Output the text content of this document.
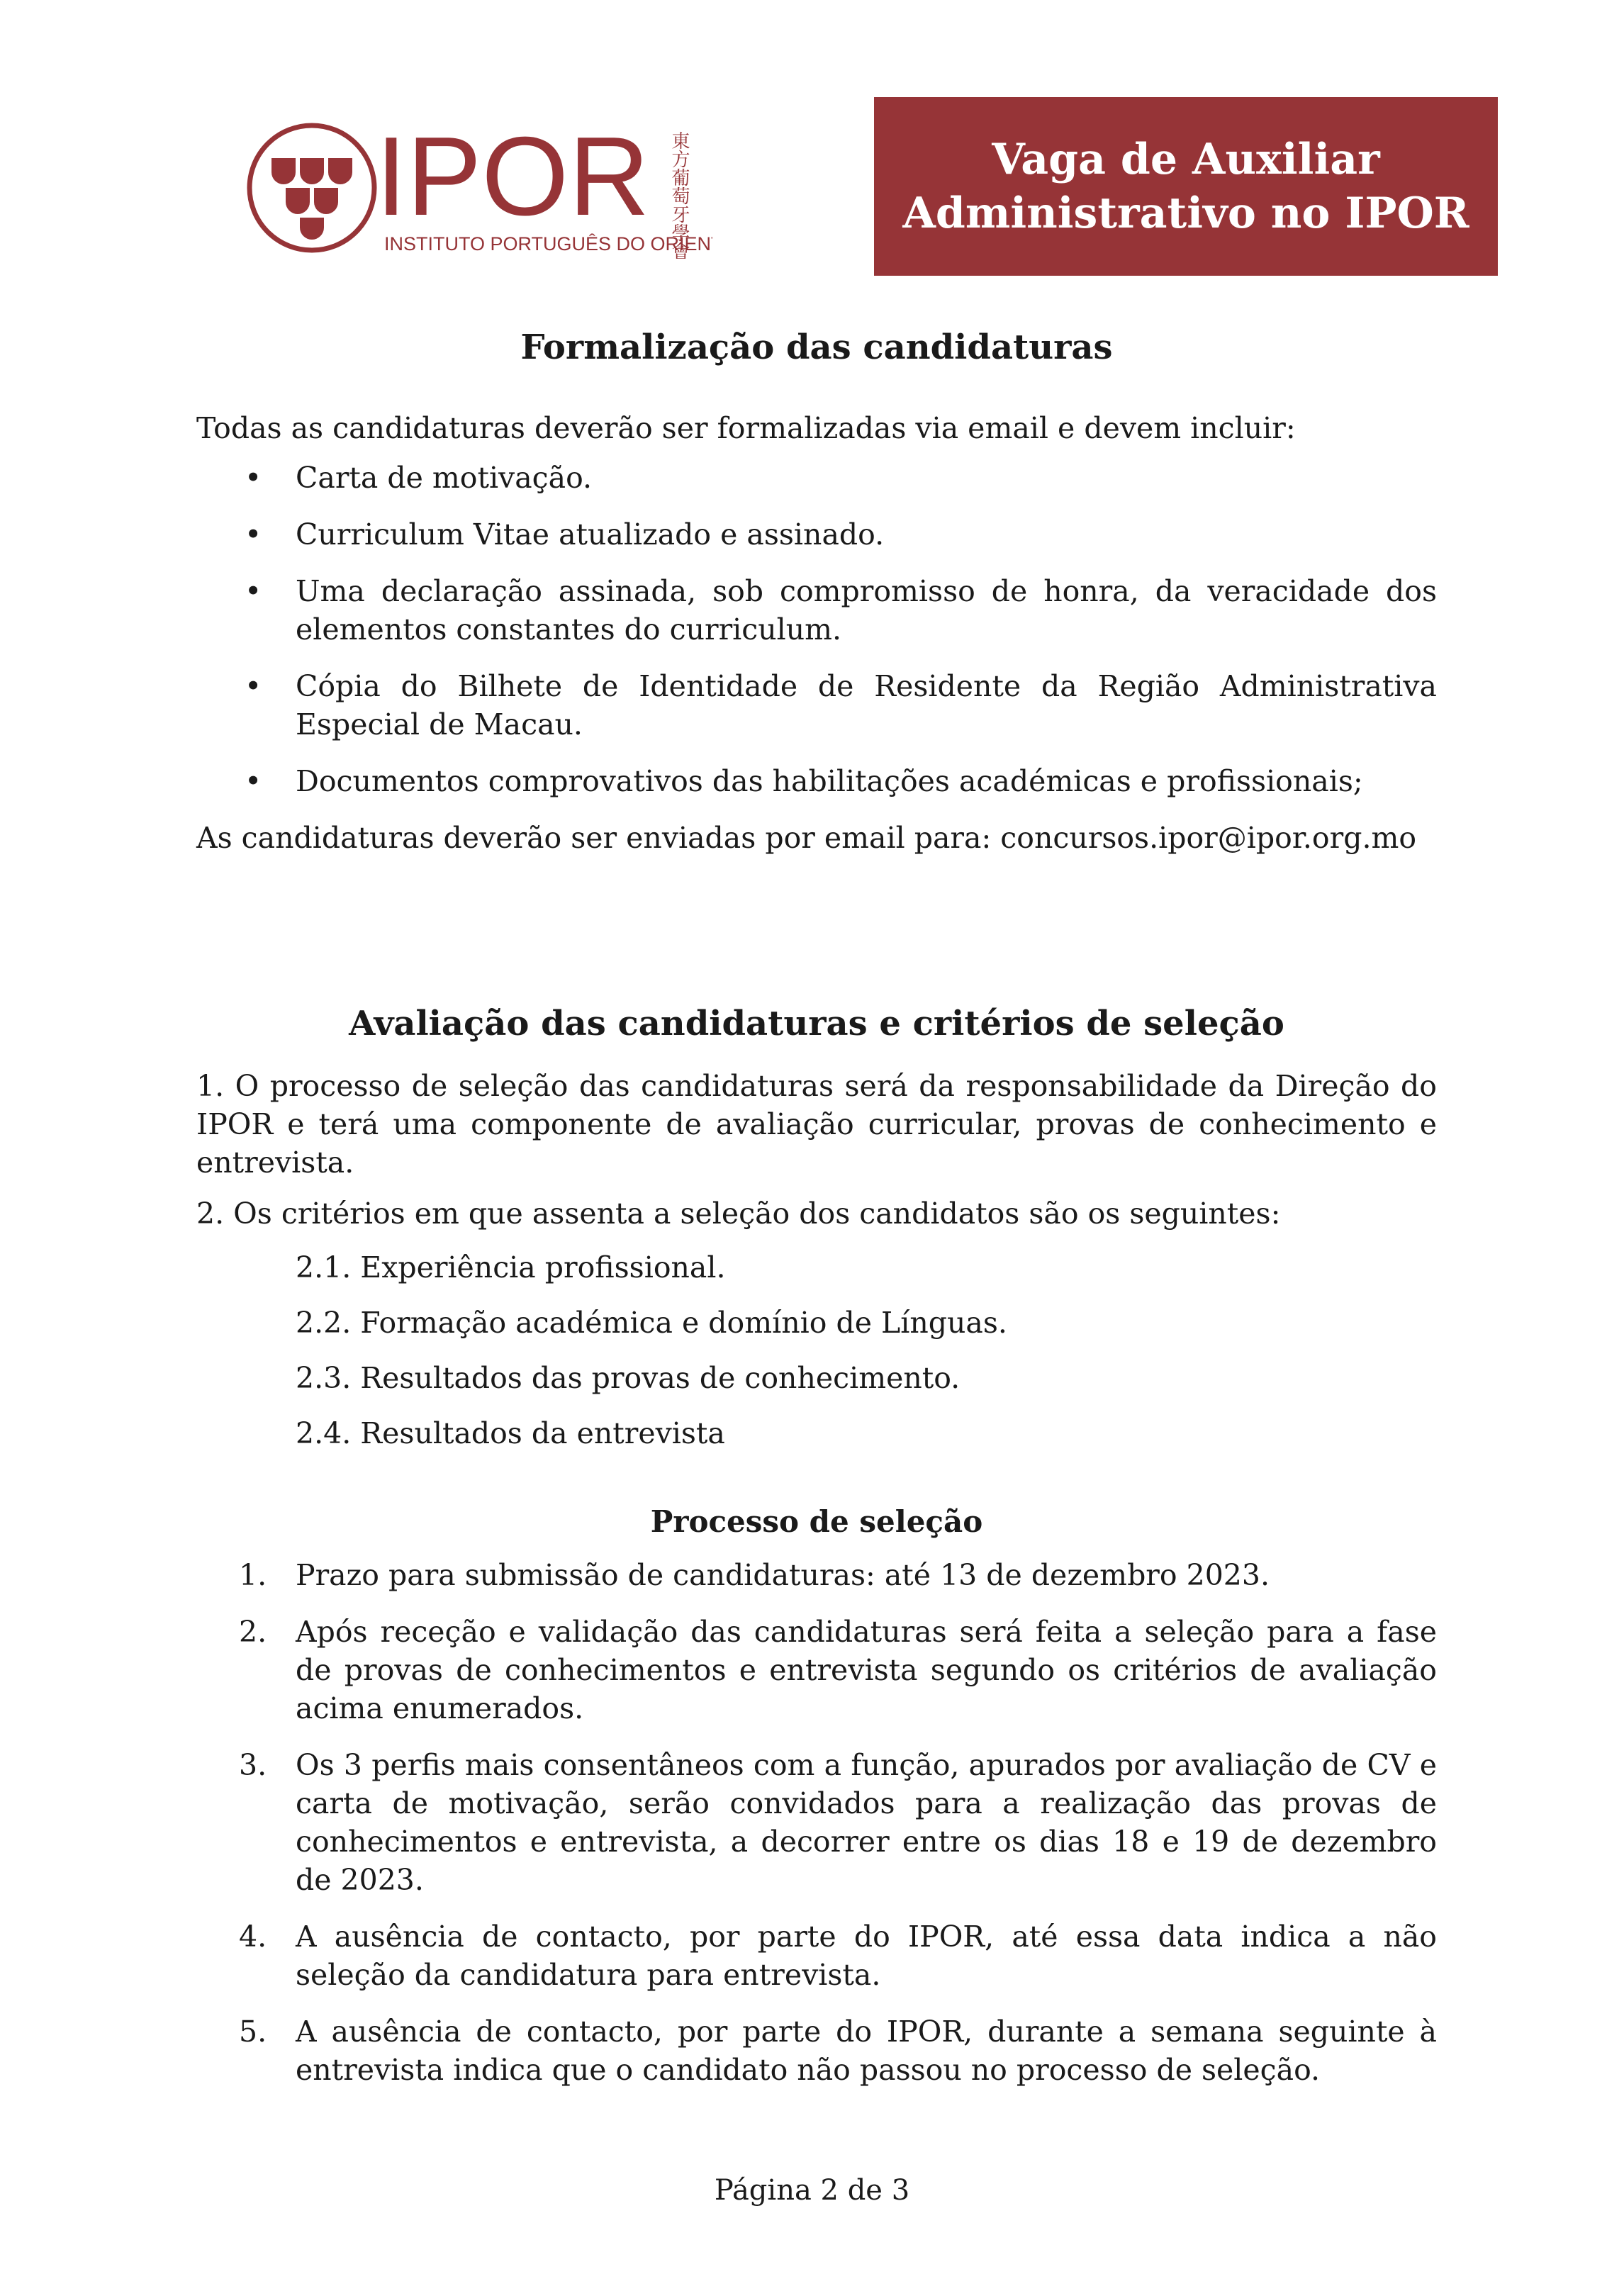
IPOR
INSTITUTO PORTUGUÊS DO ORIENTE
東方葡萄牙學會	Vaga de Auxiliar
Administrativo no IPOR
Formalização das candidaturas

Todas as candidaturas deverão ser formalizadas via email e devem incluir:

• Carta de motivação.
• Curriculum Vitae atualizado e assinado.
• Uma declaração assinada, sob compromisso de honra, da veracidade dos elementos constantes do curriculum.
• Cópia do Bilhete de Identidade de Residente da Região Administrativa Especial de Macau.
• Documentos comprovativos das habilitações académicas e profissionais;

As candidaturas deverão ser enviadas por email para: concursos.ipor@ipor.org.mo

Avaliação das candidaturas e critérios de seleção

1. O processo de seleção das candidaturas será da responsabilidade da Direção do IPOR e terá uma componente de avaliação curricular, provas de conhecimento e entrevista.

2. Os critérios em que assenta a seleção dos candidatos são os seguintes:

2.1. Experiência profissional.
2.2. Formação académica e domínio de Línguas.
2.3. Resultados das provas de conhecimento.
2.4. Resultados da entrevista
Processo de seleção
1. Prazo para submissão de candidaturas: até 13 de dezembro 2023.
2. Após receção e validação das candidaturas será feita a seleção para a fase de provas de conhecimentos e entrevista segundo os critérios de avaliação acima enumerados.
3. Os 3 perfis mais consentâneos com a função, apurados por avaliação de CV e carta de motivação, serão convidados para a realização das provas de conhecimentos e entrevista, a decorrer entre os dias 18 e 19 de dezembro de 2023.
4. A ausência de contacto, por parte do IPOR, até essa data indica a não seleção da candidatura para entrevista.
5. A ausência de contacto, por parte do IPOR, durante a semana seguinte à entrevista indica que o candidato não passou no processo de seleção.
Página 2 de 3
